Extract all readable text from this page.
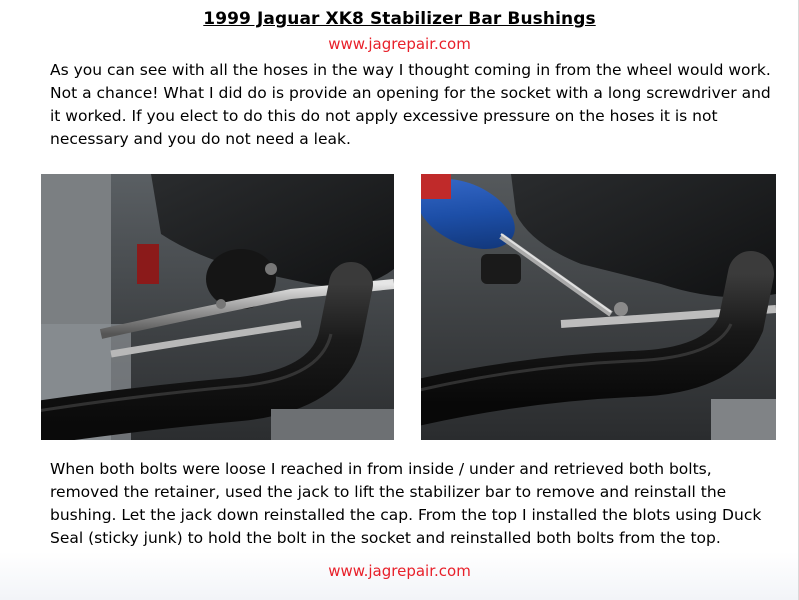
1999 Jaguar XK8 Stabilizer Bar Bushings
www.jagrepair.com
As you can see with all the hoses in the way I thought coming in from the wheel would work. Not a chance! What I did do is provide an opening for the socket with a long screwdriver and it worked. If you elect to do this do not apply excessive pressure on the hoses it is not necessary and you do not need a leak.
When both bolts were loose I reached in from inside / under and retrieved both bolts, removed the retainer, used the jack to lift the stabilizer bar to remove and reinstall the bushing. Let the jack down reinstalled the cap. From the top I installed the blots using Duck Seal (sticky junk) to hold the bolt in the socket and reinstalled both bolts from the top.
www.jagrepair.com
